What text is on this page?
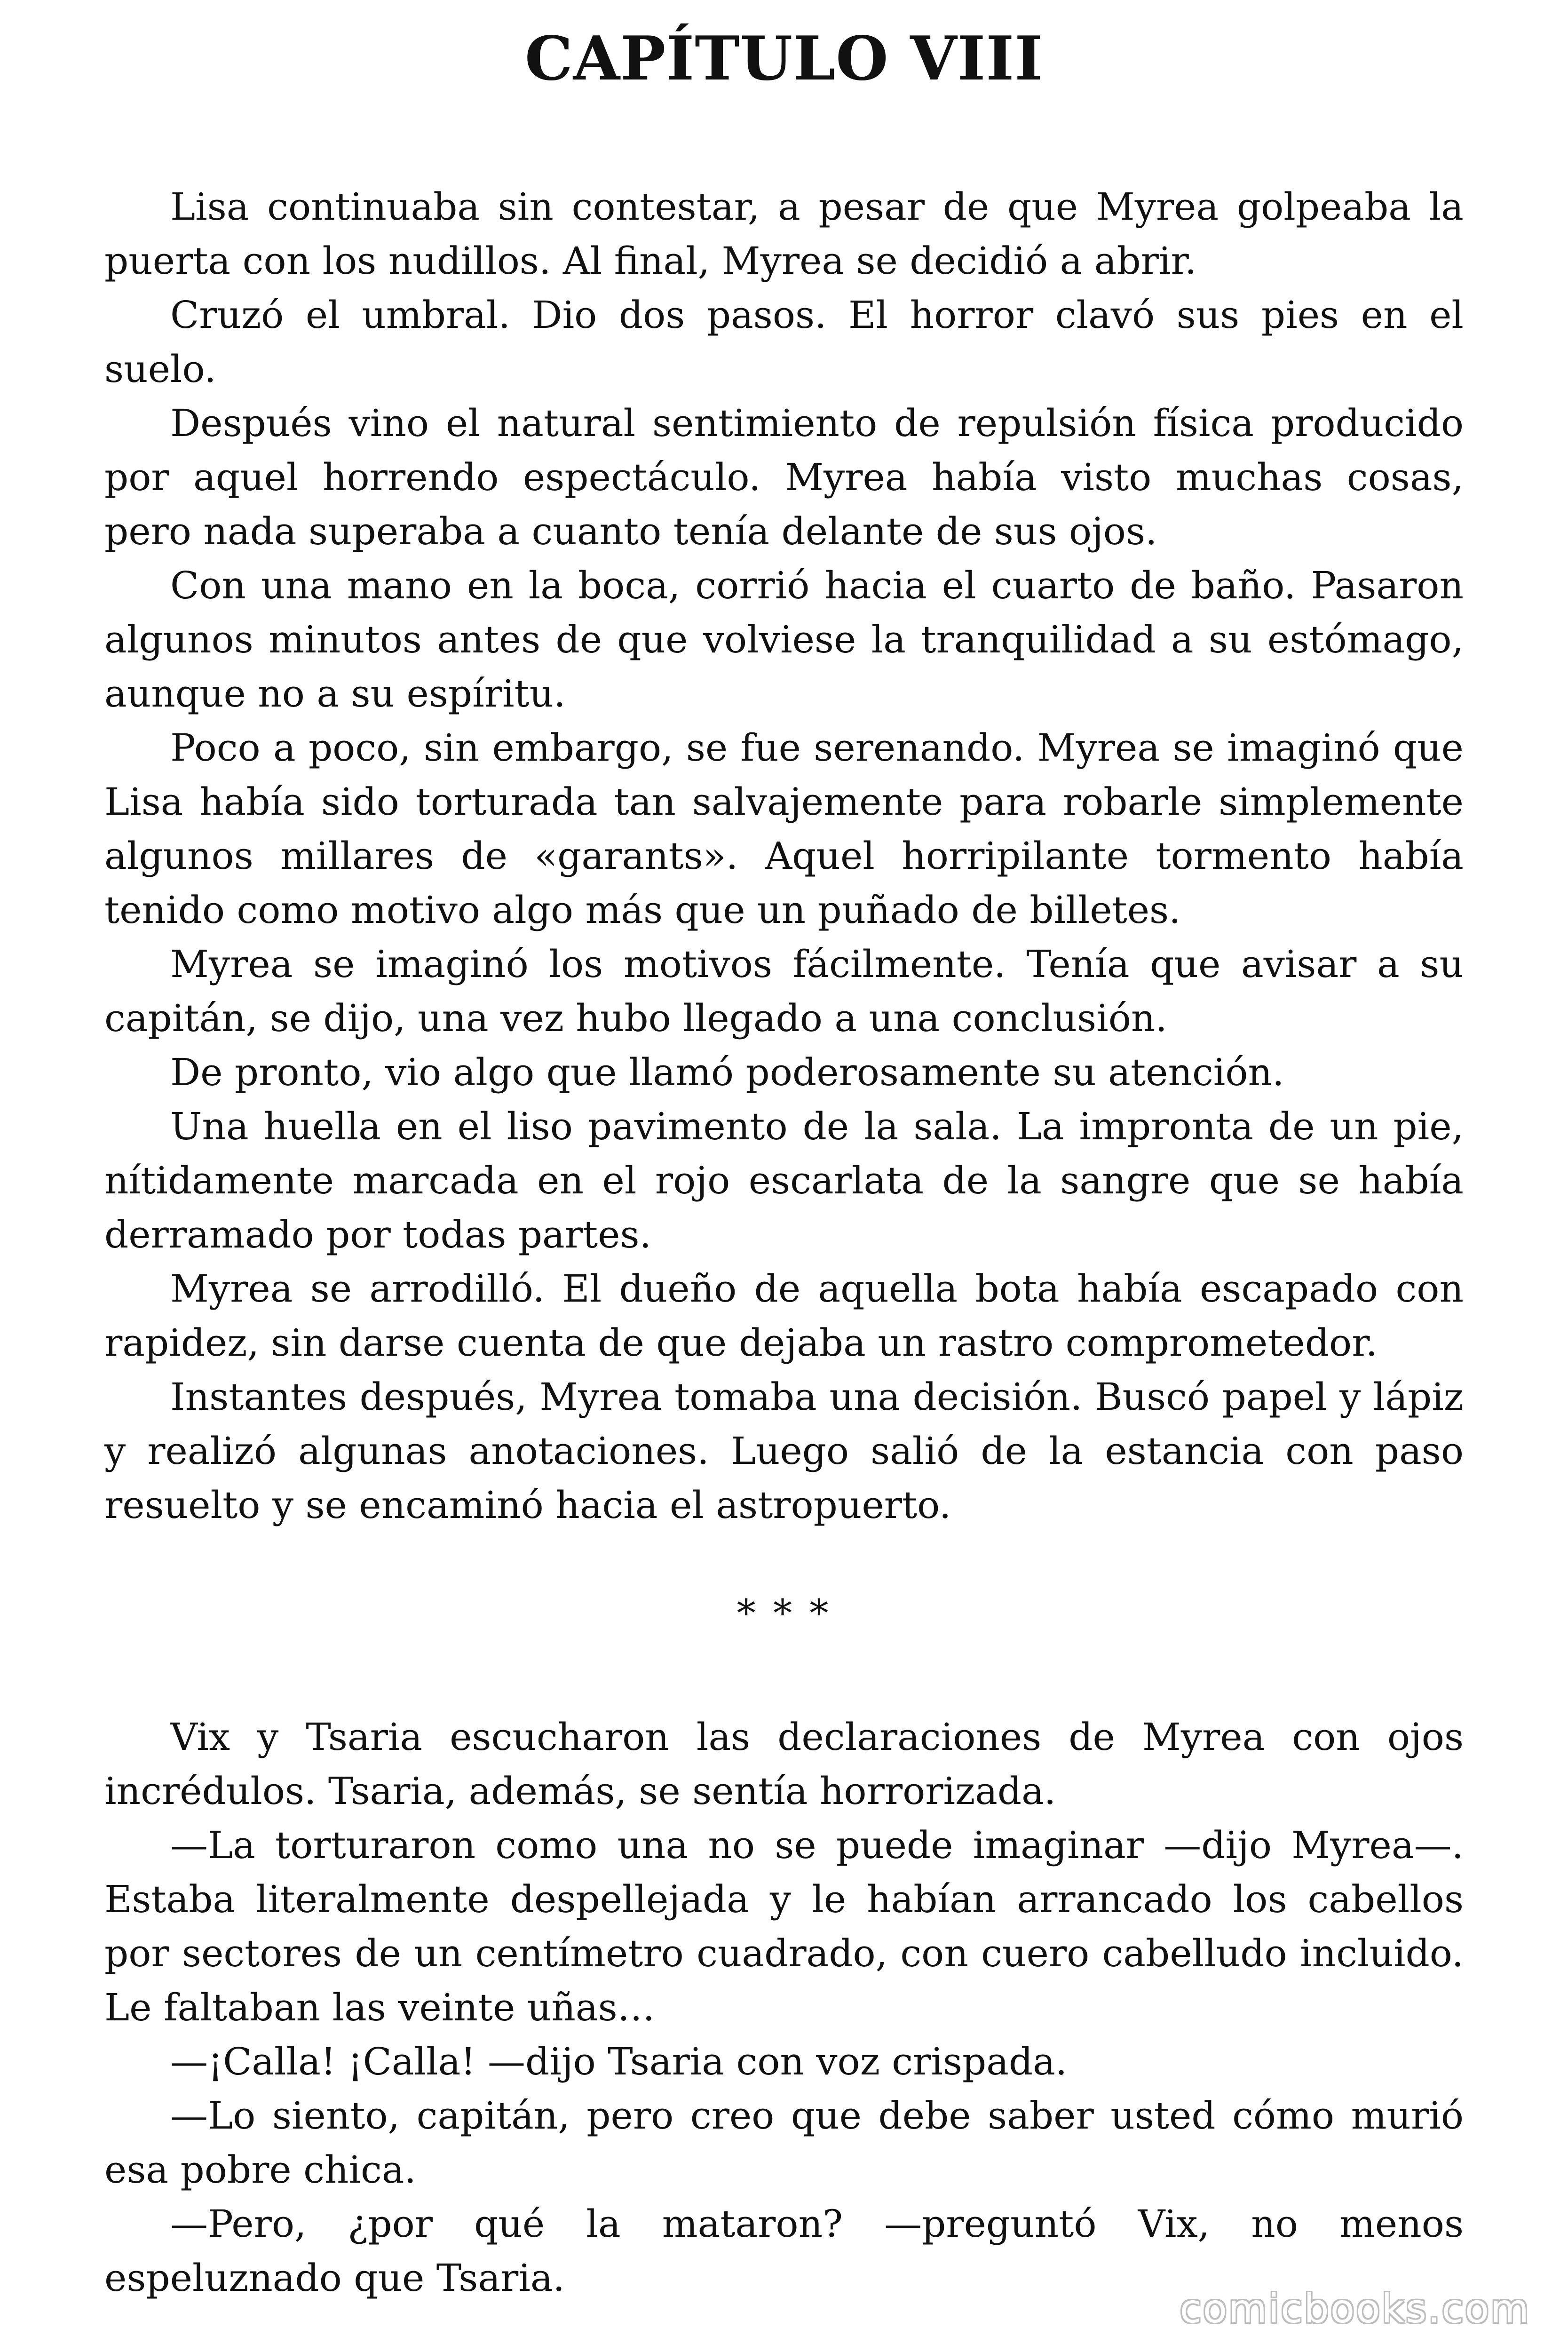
CAPÍTULO VIII

Lisa continuaba sin contestar, a pesar de que Myrea golpeaba la puerta con los nudillos. Al final, Myrea se decidió a abrir.

Cruzó el umbral. Dio dos pasos. El horror clavó sus pies en el suelo.

Después vino el natural sentimiento de repulsión física producido por aquel horrendo espectáculo. Myrea había visto muchas cosas, pero nada superaba a cuanto tenía delante de sus ojos.

Con una mano en la boca, corrió hacia el cuarto de baño. Pasaron algunos minutos antes de que volviese la tranquilidad a su estómago, aunque no a su espíritu.

Poco a poco, sin embargo, se fue serenando. Myrea se imaginó que Lisa había sido torturada tan salvajemente para robarle simplemente algunos millares de «garants». Aquel horripilante tormento había tenido como motivo algo más que un puñado de billetes.

Myrea se imaginó los motivos fácilmente. Tenía que avisar a su capitán, se dijo, una vez hubo llegado a una conclusión.

De pronto, vio algo que llamó poderosamente su atención.

Una huella en el liso pavimento de la sala. La impronta de un pie, nítidamente marcada en el rojo escarlata de la sangre que se había derramado por todas partes.

Myrea se arrodilló. El dueño de aquella bota había escapado con rapidez, sin darse cuenta de que dejaba un rastro comprometedor.

Instantes después, Myrea tomaba una decisión. Buscó papel y lápiz y realizó algunas anotaciones. Luego salió de la estancia con paso resuelto y se encaminó hacia el astropuerto.

* * *

Vix y Tsaria escucharon las declaraciones de Myrea con ojos incrédulos. Tsaria, además, se sentía horrorizada.

—La torturaron como una no se puede imaginar —dijo Myrea—. Estaba literalmente despellejada y le habían arrancado los cabellos por sectores de un centímetro cuadrado, con cuero cabelludo incluido. Le faltaban las veinte uñas…

—¡Calla! ¡Calla! —dijo Tsaria con voz crispada.

—Lo siento, capitán, pero creo que debe saber usted cómo murió esa pobre chica.

—Pero, ¿por qué la mataron? —preguntó Vix, no menos espeluznado que Tsaria.

comicbooks.com
